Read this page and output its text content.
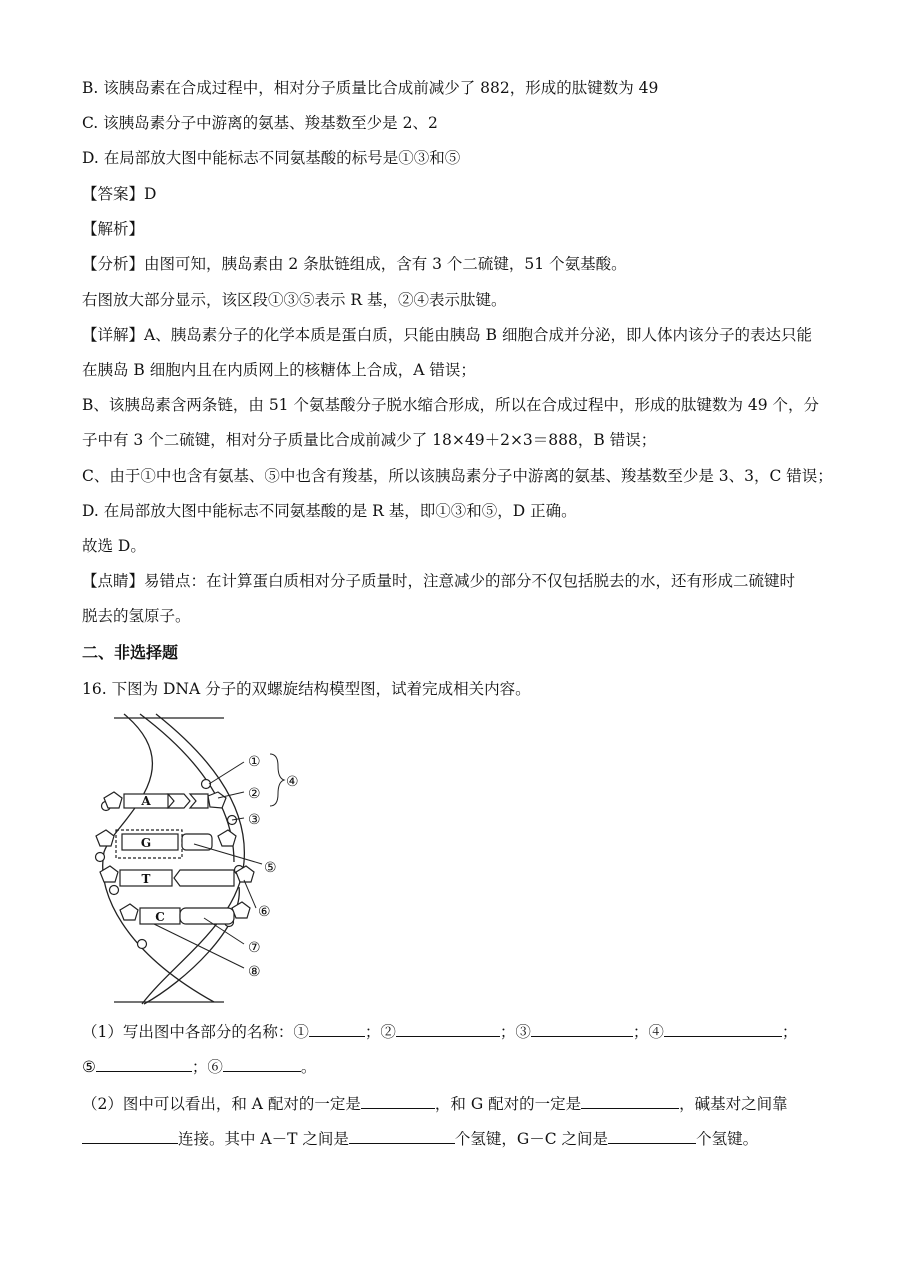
B. 该胰岛素在合成过程中，相对分子质量比合成前减少了 882，形成的肽键数为 49
C. 该胰岛素分子中游离的氨基、羧基数至少是 2、2
D. 在局部放大图中能标志不同氨基酸的标号是①③和⑤
【答案】D
【解析】
【分析】由图可知，胰岛素由 2 条肽链组成，含有 3 个二硫键，51 个氨基酸。
右图放大部分显示，该区段①③⑤表示 R 基，②④表示肽键。
【详解】A、胰岛素分子的化学本质是蛋白质，只能由胰岛 B 细胞合成并分泌，即人体内该分子的表达只能
在胰岛 B 细胞内且在内质网上的核糖体上合成，A 错误；
B、该胰岛素含两条链，由 51 个氨基酸分子脱水缩合形成，所以在合成过程中，形成的肽键数为 49 个，分
子中有 3 个二硫键，相对分子质量比合成前减少了 18×49＋2×3＝888，B 错误；
C、由于①中也含有氨基、⑤中也含有羧基，所以该胰岛素分子中游离的氨基、羧基数至少是 3、3，C 错误；
D. 在局部放大图中能标志不同氨基酸的是 R 基，即①③和⑤，D 正确。
故选 D。
【点睛】易错点：在计算蛋白质相对分子质量时，注意减少的部分不仅包括脱去的水，还有形成二硫键时
脱去的氢原子。
二、非选择题
16. 下图为 DNA 分子的双螺旋结构模型图，试着完成相关内容。
A
G
T
C
①
②
③
④
⑤
⑥
⑦
⑧
（1）写出图中各部分的名称：①	；②	；③	；④	；
⑤	；⑥	。
（2）图中可以看出，和 A 配对的一定是	，和 G 配对的一定是	，碱基对之间靠
连接。其中 A－T 之间是	个氢键，G－C 之间是	个氢键。
